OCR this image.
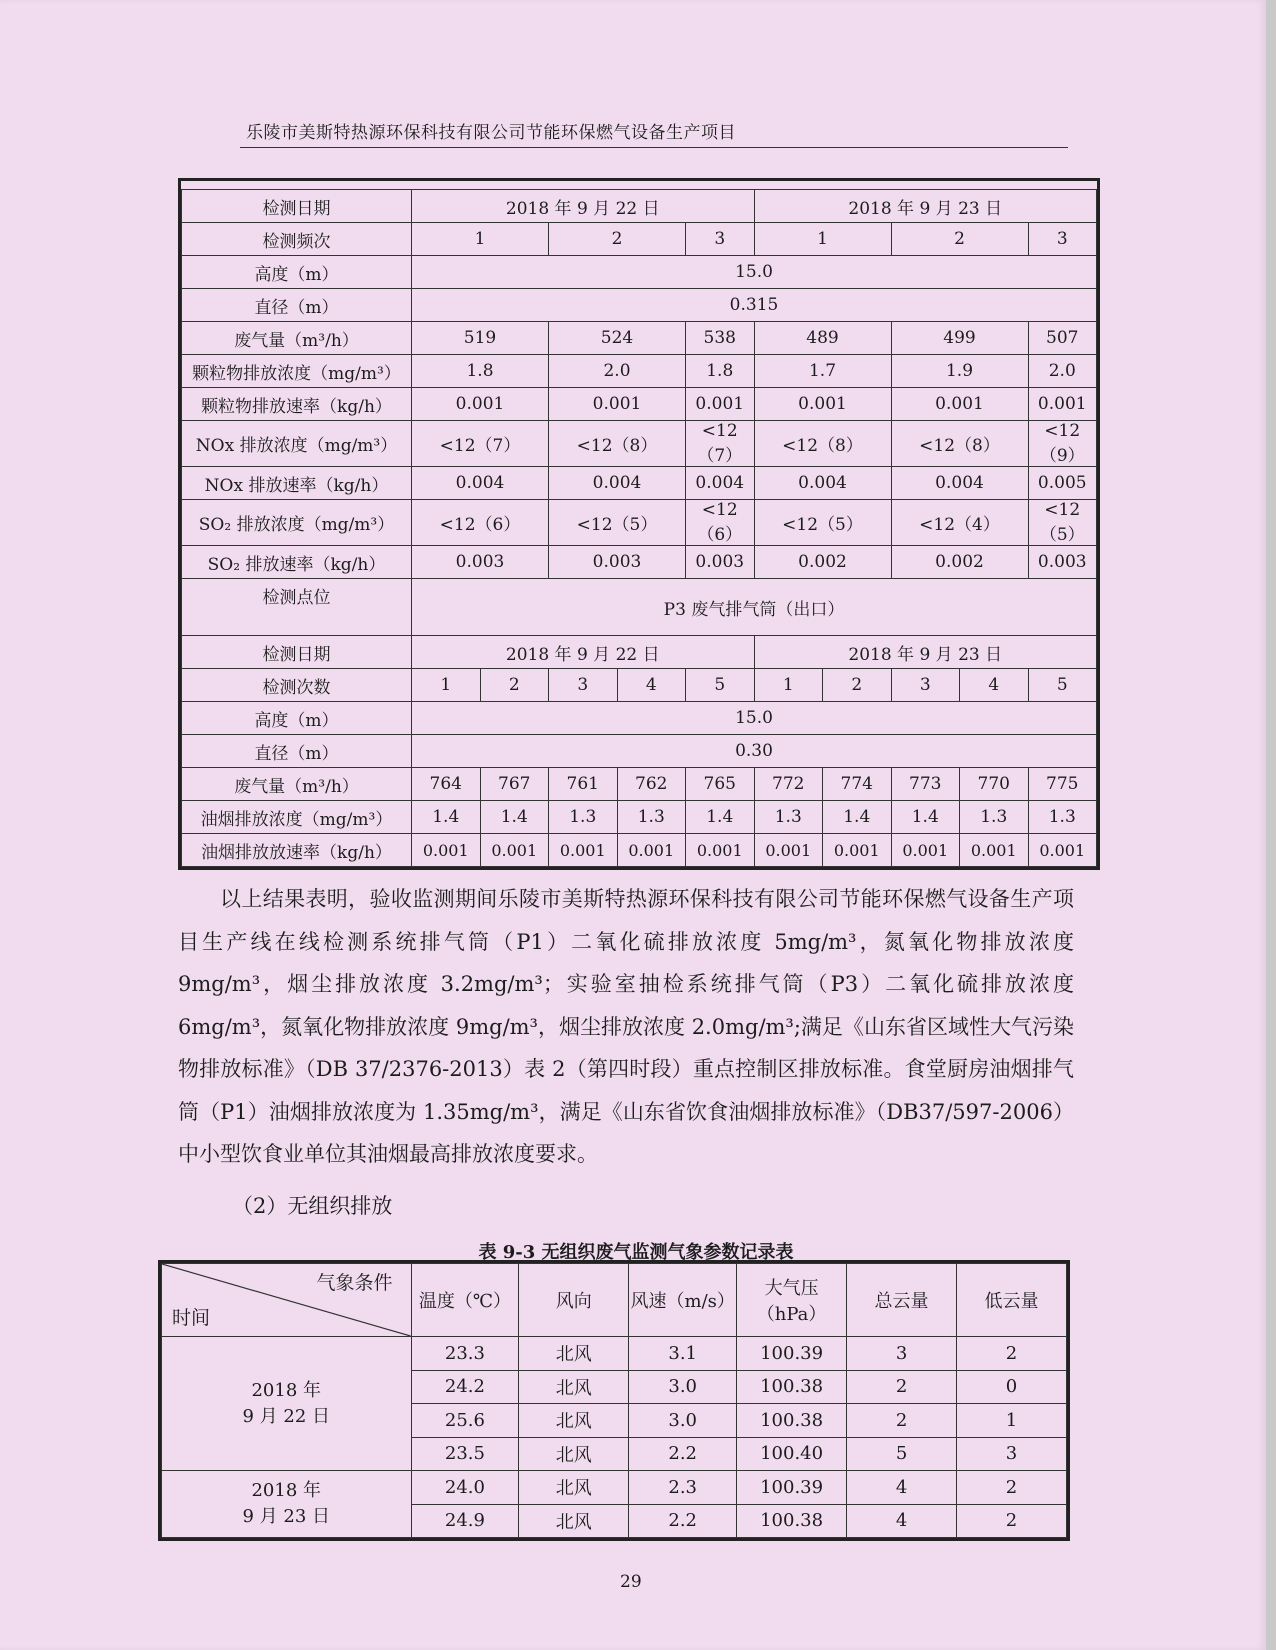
乐陵市美斯特热源环保科技有限公司节能环保燃气设备生产项目
检测日期	2018 年 9 月 22 日					2018 年 9 月 23 日				
检测频次	1		2		3	1		2		3
高度（m）	15.0									
直径（m）	0.315									
废气量（m³/h）	519		524		538	489		499		507
颗粒物排放浓度（mg/m³）	1.8		2.0		1.8	1.7		1.9		2.0
颗粒物排放速率（kg/h）	0.001		0.001		0.001	0.001		0.001		0.001
NOx 排放浓度（mg/m³）	<12（7）		<12（8）		<12（7）	<12（8）		<12（8）		<12（9）
NOx 排放速率（kg/h）	0.004		0.004		0.004	0.004		0.004		0.005
SO₂ 排放浓度（mg/m³）	<12（6）		<12（5）		<12（6）	<12（5）		<12（4）		<12（5）
SO₂ 排放速率（kg/h）	0.003		0.003		0.003	0.002		0.002		0.003
检测点位	P3 废气排气筒（出口）									
检测日期	2018 年 9 月 22 日					2018 年 9 月 23 日				
检测次数	1	2	3	4	5	1	2	3	4	5
高度（m）	15.0									
直径（m）	0.30									
废气量（m³/h）	764	767	761	762	765	772	774	773	770	775
油烟排放浓度（mg/m³）	1.4	1.4	1.3	1.3	1.4	1.3	1.4	1.4	1.3	1.3
油烟排放放速率（kg/h）	0.001	0.001	0.001	0.001	0.001	0.001	0.001	0.001	0.001	0.001

以上结果表明，验收监测期间乐陵市美斯特热源环保科技有限公司节能环保燃气设备生产项目生产线在线检测系统排气筒（P1）二氧化硫排放浓度 5mg/m³，氮氧化物排放浓度 9mg/m³，烟尘排放浓度 3.2mg/m³；实验室抽检系统排气筒（P3）二氧化硫排放浓度 6mg/m³，氮氧化物排放浓度 9mg/m³，烟尘排放浓度 2.0mg/m³;满足《山东省区域性大气污染物排放标准》（DB 37/2376-2013）表 2（第四时段）重点控制区排放标准。食堂厨房油烟排气筒（P1）油烟排放浓度为 1.35mg/m³，满足《山东省饮食油烟排放标准》（DB37/597-2006）中小型饮食业单位其油烟最高排放浓度要求。

（2）无组织排放
表 9-3 无组织废气监测气象参数记录表
气象条件
时间	温度（℃）	风向	风速（m/s）	大气压（hPa）	总云量	低云量
2018 年
9 月 22 日	23.3	北风	3.1	100.39	3	2
	24.2	北风	3.0	100.38	2	0
	25.6	北风	3.0	100.38	2	1
	23.5	北风	2.2	100.40	5	3
2018 年
9 月 23 日	24.0	北风	2.3	100.39	4	2
	24.9	北风	2.2	100.38	4	2
29
